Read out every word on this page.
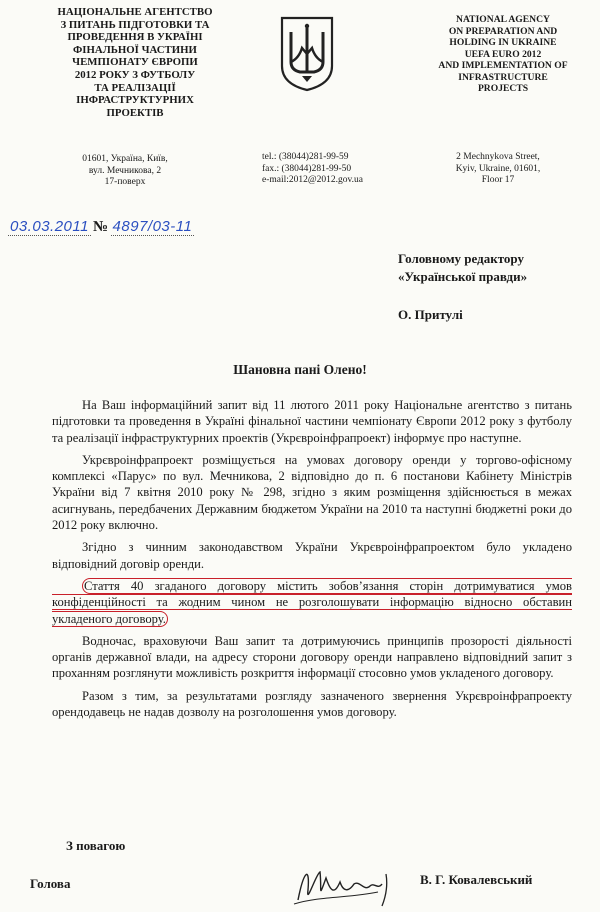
НАЦІОНАЛЬНЕ АГЕНТСТВО
З ПИТАНЬ ПІДГОТОВКИ ТА
ПРОВЕДЕННЯ В УКРАЇНІ
ФІНАЛЬНОЇ ЧАСТИНИ
ЧЕМПІОНАТУ ЄВРОПИ
2012 РОКУ З ФУТБОЛУ
ТА РЕАЛІЗАЦІЇ
ІНФРАСТРУКТУРНИХ
ПРОЕКТІВ
NATIONAL AGENCY
ON PREPARATION AND
HOLDING IN UKRAINE
UEFA EURO 2012
AND IMPLEMENTATION OF
INFRASTRUCTURE
PROJECTS
01601, Україна, Київ,
вул. Мечникова, 2
17-поверх
tel.: (38044)281-99-59
fax.: (38044)281-99-50
e-mail:2012@2012.gov.ua
2 Mechnykova Street,
Kyiv, Ukraine, 01601,
Floor 17
03.03.2011 № 4897/03-11
Головному редактору
«Української правди»
О. Притулі
Шановна пані Олено!

На Ваш інформаційний запит від 11 лютого 2011 року Національне агентство з питань підготовки та проведення в Україні фінальної частини чемпіонату Європи 2012 року з футболу та реалізації інфраструктурних проектів (Укрєвроінфрапроект) інформує про наступне.

Укрєвроінфрапроект розміщується на умовах договору оренди у торгово-офісному комплексі «Парус» по вул. Мечникова, 2 відповідно до п. 6 постанови Кабінету Міністрів України від 7 квітня 2010 року № 298, згідно з яким розміщення здійснюється в межах асигнувань, передбачених Державним бюджетом України на 2010 та наступні бюджетні роки до 2012 року включно.

Згідно з чинним законодавством України Укрєвроінфрапроектом було укладено відповідний договір оренди.

Стаття 40 згаданого договору містить зобов’язання сторін дотримуватися умов конфіденційності та жодним чином не розголошувати інформацію відносно обставин укладеного договору.

Водночас, враховуючи Ваш запит та дотримуючись принципів прозорості діяльності органів державної влади, на адресу сторони договору оренди направлено відповідний запит з проханням розглянути можливість розкриття інформації стосовно умов укладеного договору.

Разом з тим, за результатами розгляду зазначеного звернення Укрєвроінфрапроекту орендодавець не надав дозволу на розголошення умов договору.

З повагою
Голова	В. Г. Ковалевський
